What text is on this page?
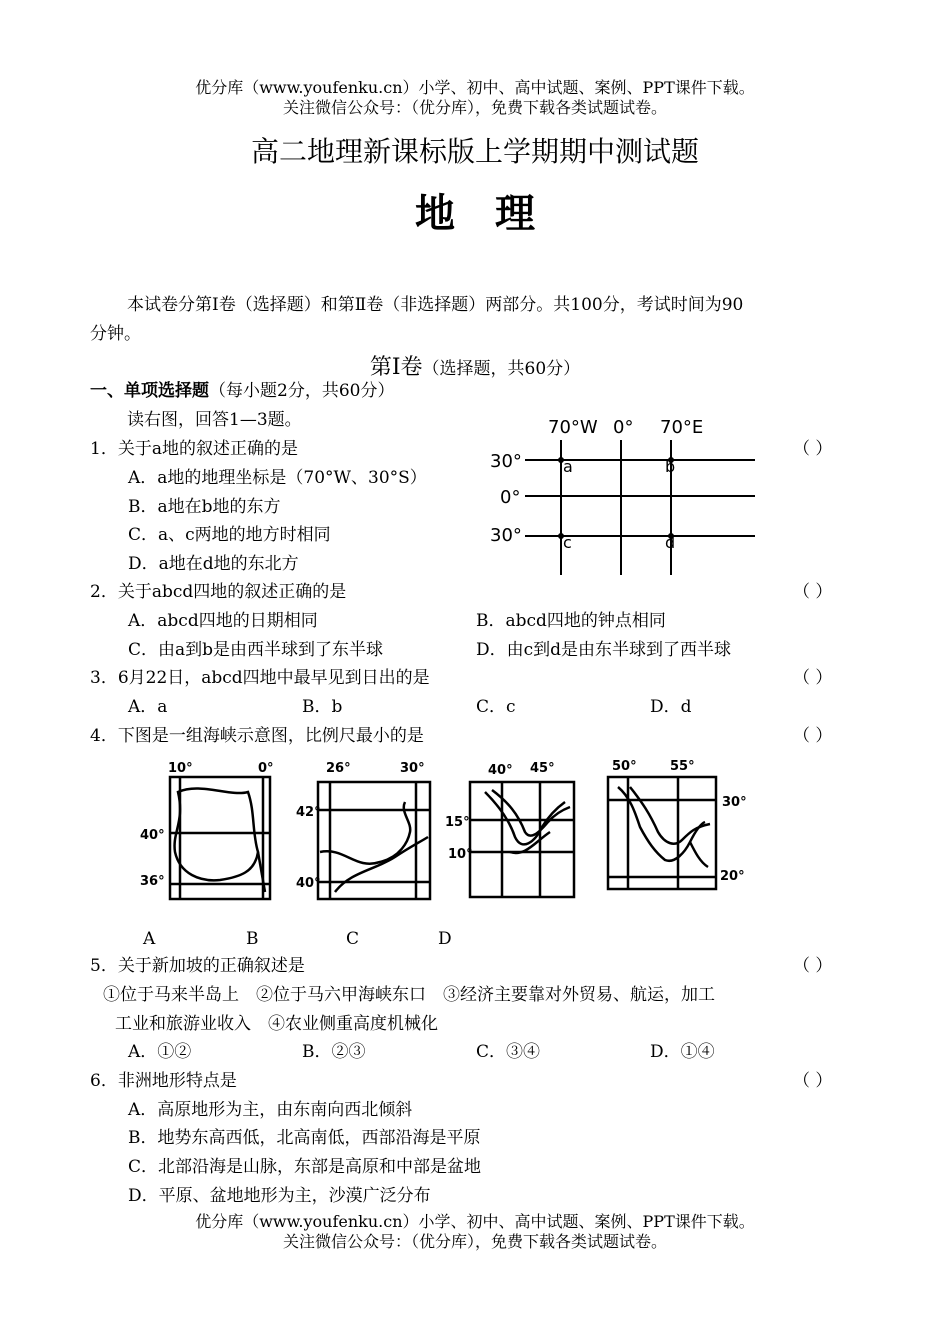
优分库（www.youfenku.cn）小学、初中、高中试题、案例、PPT课件下载。
关注微信公众号：（优分库），免费下载各类试题试卷。
高二地理新课标版上学期期中测试题
地理
本试卷分第Ⅰ卷（选择题）和第Ⅱ卷（非选择题）两部分。共100分，考试时间为90
分钟。
第Ⅰ卷（选择题，共60分）
一、单项选择题（每小题2分，共60分）
读右图，回答1—3题。
1．关于a地的叙述正确的是	（ ）
A．a地的地理坐标是（70°W、30°S）
B．a地在b地的东方
C．a、c两地的地方时相同
D．a地在d地的东北方
70°W 0° 70°E
30°
0°
30°
a	b
c	d
2．关于abcd四地的叙述正确的是	（ ）
A．abcd四地的日期相同	B．abcd四地的钟点相同
C．由a到b是由西半球到了东半球	D．由c到d是由东半球到了西半球
3．6月22日，abcd四地中最早见到日出的是	（ ）
A．a	B．b	C．c	D．d
4．下图是一组海峡示意图，比例尺最小的是	（ ）
10°	0°
40°
36°
26°	30°
42°
40°
40° 45°
15°
10°
50°	55°
30°
20°
A	B	C	D
5．关于新加坡的正确叙述是	（ ）
①位于马来半岛上　②位于马六甲海峡东口　③经济主要靠对外贸易、航运，加工
工业和旅游业收入　④农业侧重高度机械化
A．①②	B．②③	C．③④	D．①④
6．非洲地形特点是	（ ）
A．高原地形为主，由东南向西北倾斜
B．地势东高西低，北高南低，西部沿海是平原
C．北部沿海是山脉，东部是高原和中部是盆地
D．平原、盆地地形为主，沙漠广泛分布
优分库（www.youfenku.cn）小学、初中、高中试题、案例、PPT课件下载。
关注微信公众号：（优分库），免费下载各类试题试卷。
